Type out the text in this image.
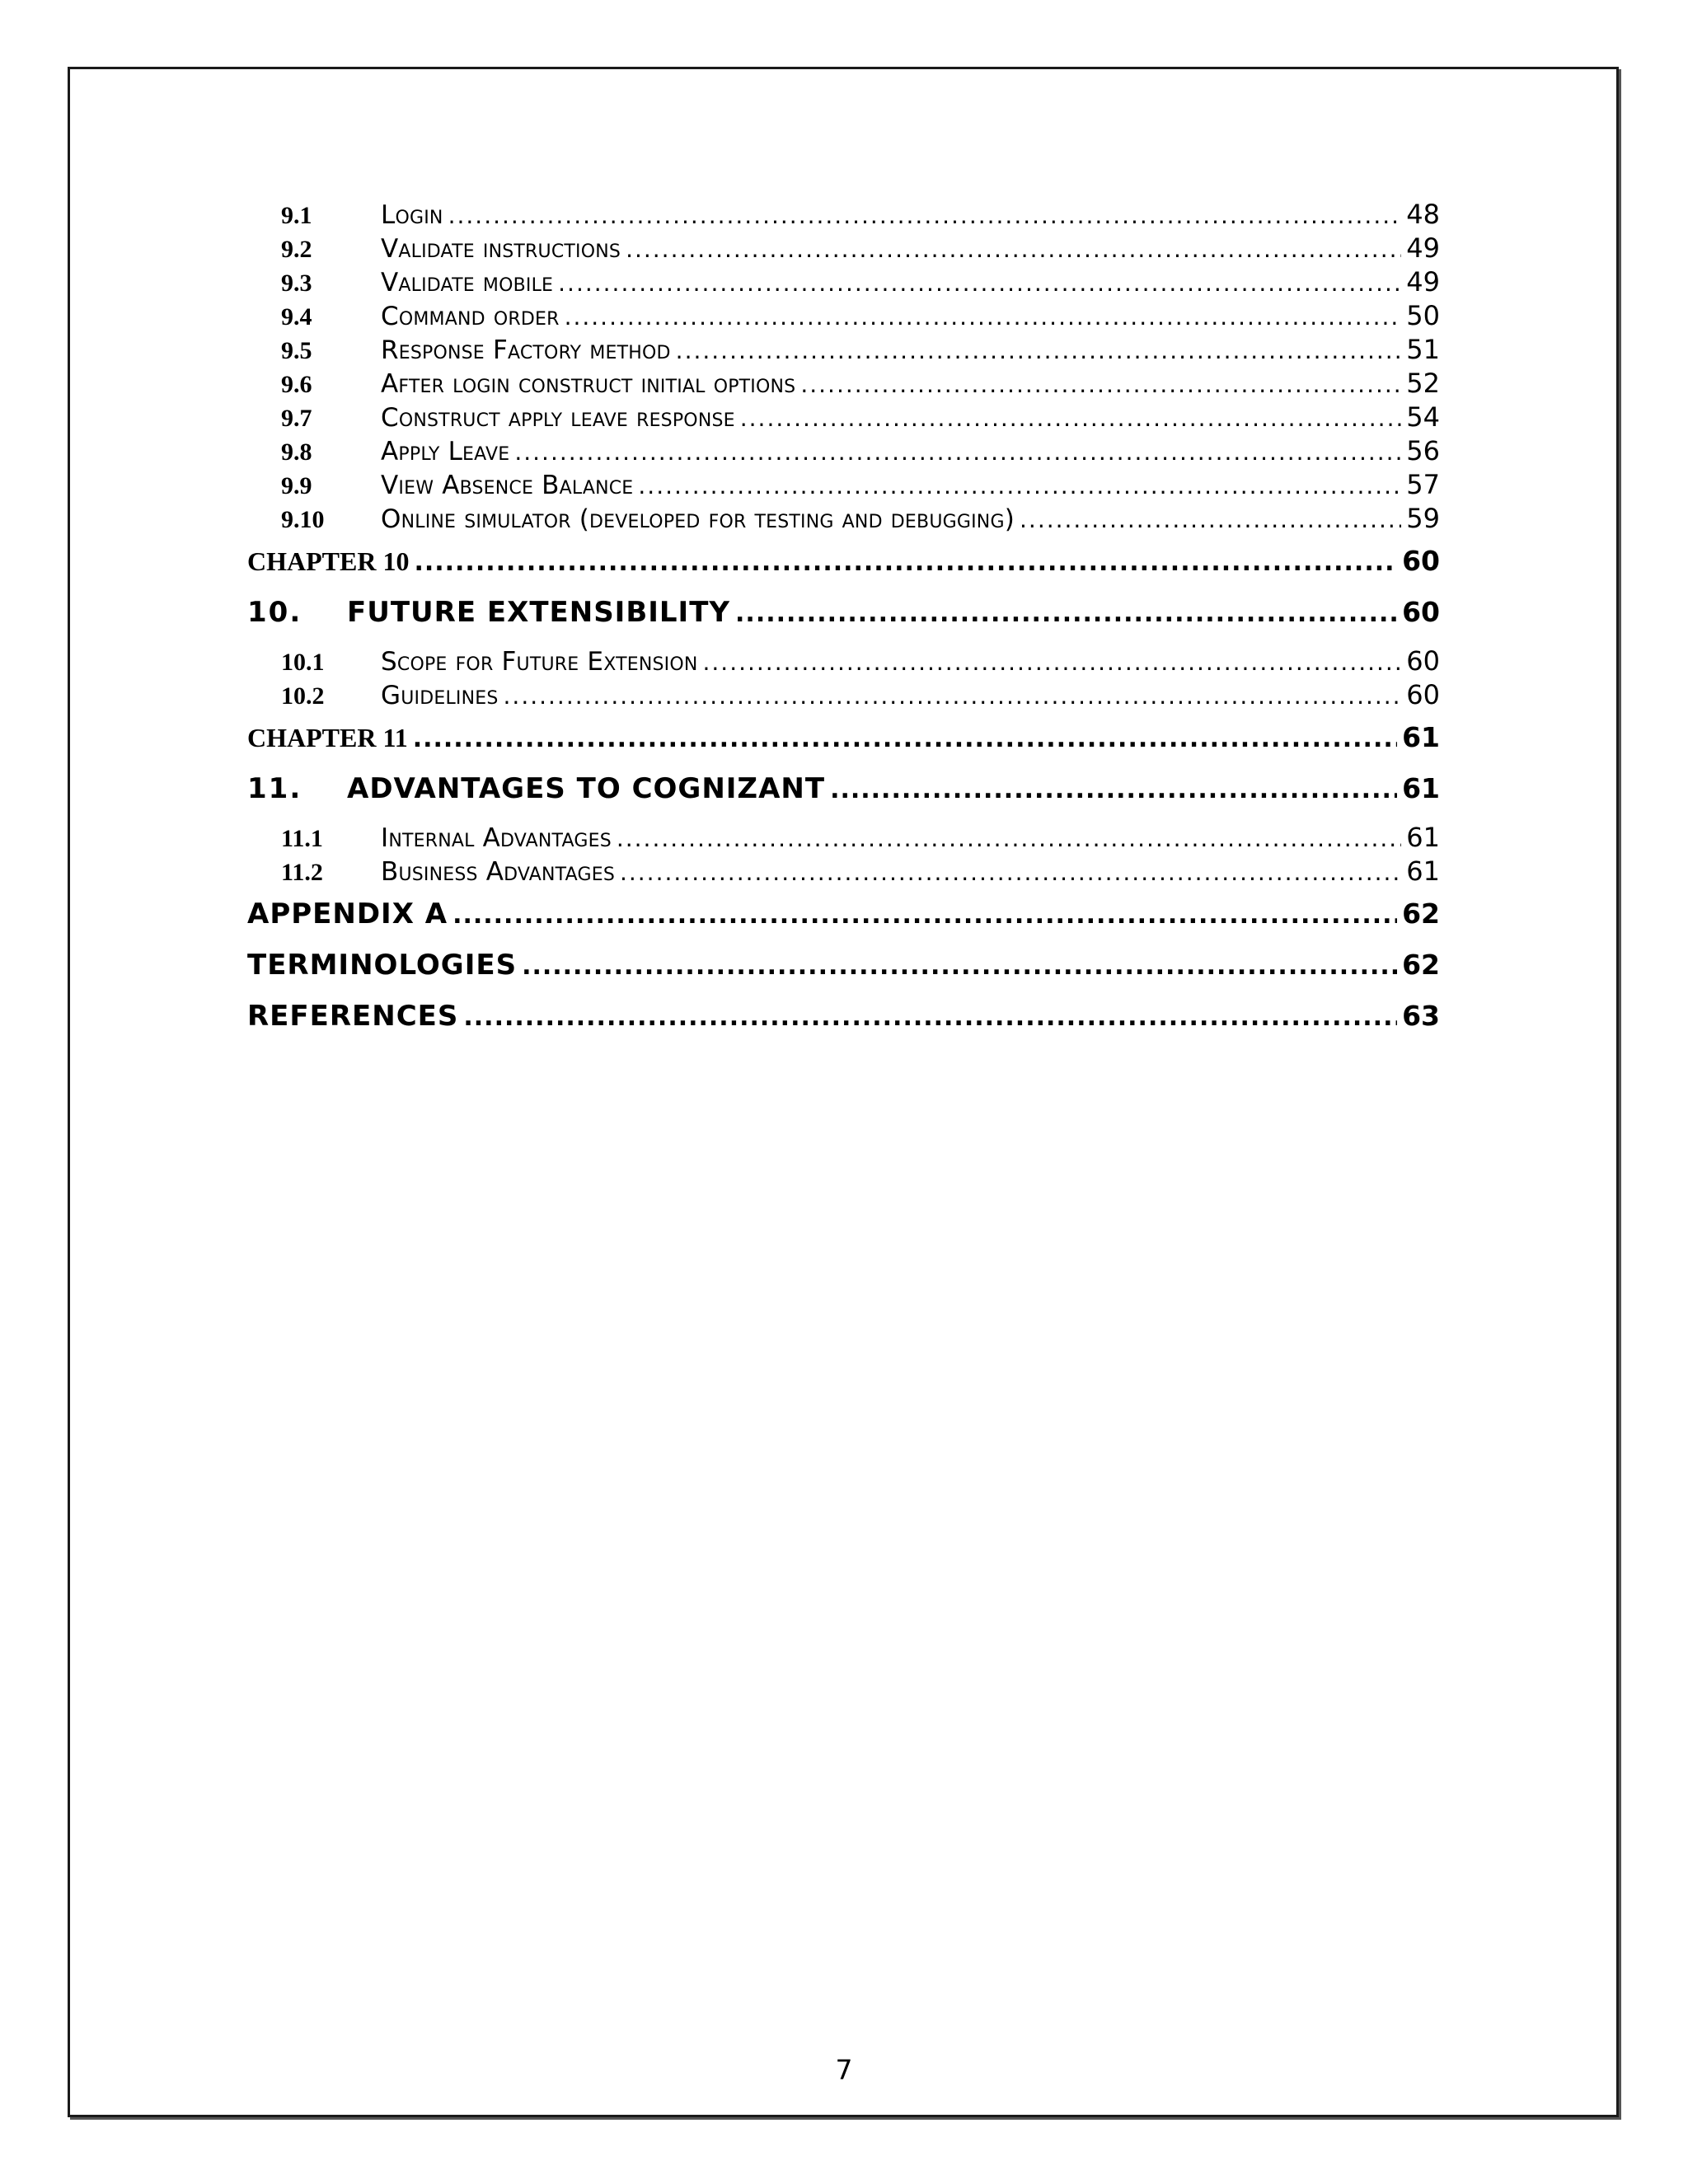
9.1	Login .....	48
9.2	Validate instructions .....	49
9.3	Validate mobile .....	49
9.4	Command order .....	50
9.5	Response Factory method .....	51
9.6	After login construct initial options .....	52
9.7	Construct apply leave response .....	54
9.8	Apply Leave .....	56
9.9	View Absence Balance .....	57
9.10 Online simulator (developed for testing and debugging) .....	59
CHAPTER 10 .....	60
10.	FUTURE EXTENSIBILITY .....	60
10.1 Scope for Future Extension .....	60
10.2 Guidelines .....	60
CHAPTER 11 .....	61
11.	ADVANTAGES TO COGNIZANT .....	61
11.1 Internal Advantages .....	61
11.2 Business Advantages .....	61
APPENDIX A .....	62
TERMINOLOGIES .....	62
REFERENCES .....	63
7
